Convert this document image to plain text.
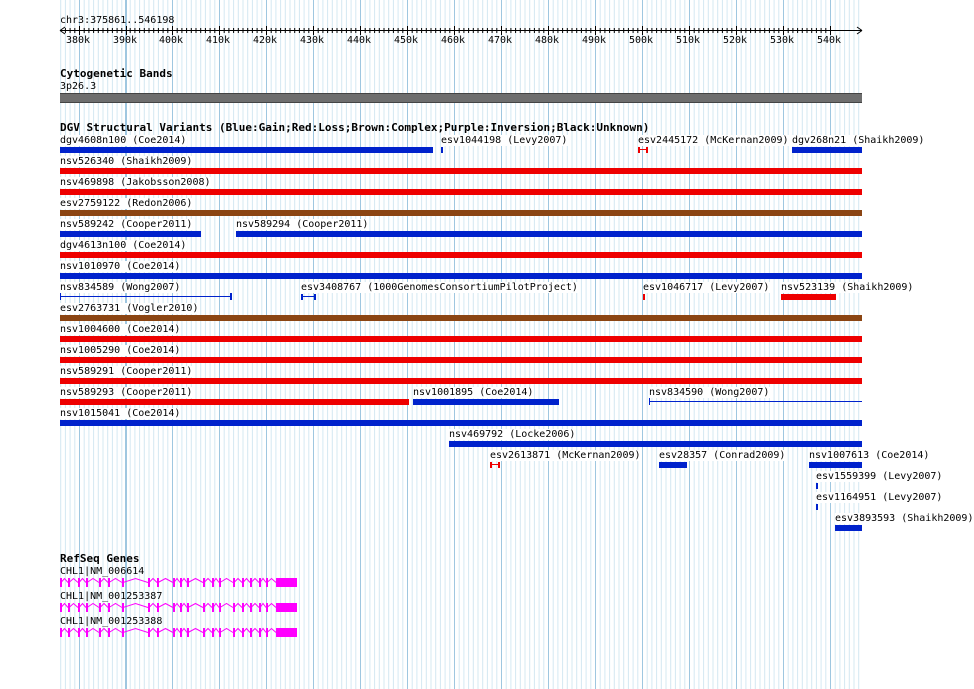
chr3:375861..546198
Cytogenetic Bands
3p26.3
DGV Structural Variants (Blue:Gain;Red:Loss;Brown:Complex;Purple:Inversion;Black:Unknown)
dgv4608n100 (Coe2014)	esv1044198 (Levy2007)	esv2445172 (McKernan2009) dgv268n21 (Shaikh2009)
nsv526340 (Shaikh2009)
nsv469898 (Jakobsson2008)
esv2759122 (Redon2006)
nsv589242 (Cooper2011)	nsv589294 (Cooper2011)
dgv4613n100 (Coe2014)
nsv1010970 (Coe2014)
nsv834589 (Wong2007)	esv3408767 (1000GenomesConsortiumPilotProject)	esv1046717 (Levy2007) nsv523139 (Shaikh2009)
esv2763731 (Vogler2010)
nsv1004600 (Coe2014)
nsv1005290 (Coe2014)
nsv589291 (Cooper2011)
nsv589293 (Cooper2011)	nsv1001895 (Coe2014)	nsv834590 (Wong2007)
nsv1015041 (Coe2014)
nsv469792 (Locke2006)
esv2613871 (McKernan2009) esv28357 (Conrad2009) nsv1007613 (Coe2014)
esv1559399 (Levy2007)
esv1164951 (Levy2007)
esv3893593 (Shaikh2009)
RefSeq Genes
CHL1|NM_006614
CHL1|NM_001253387
CHL1|NM_001253388
380k 390k 400k 410k 420k 430k 440k 450k 460k 470k 480k 490k 500k 510k 520k 530k 540k
